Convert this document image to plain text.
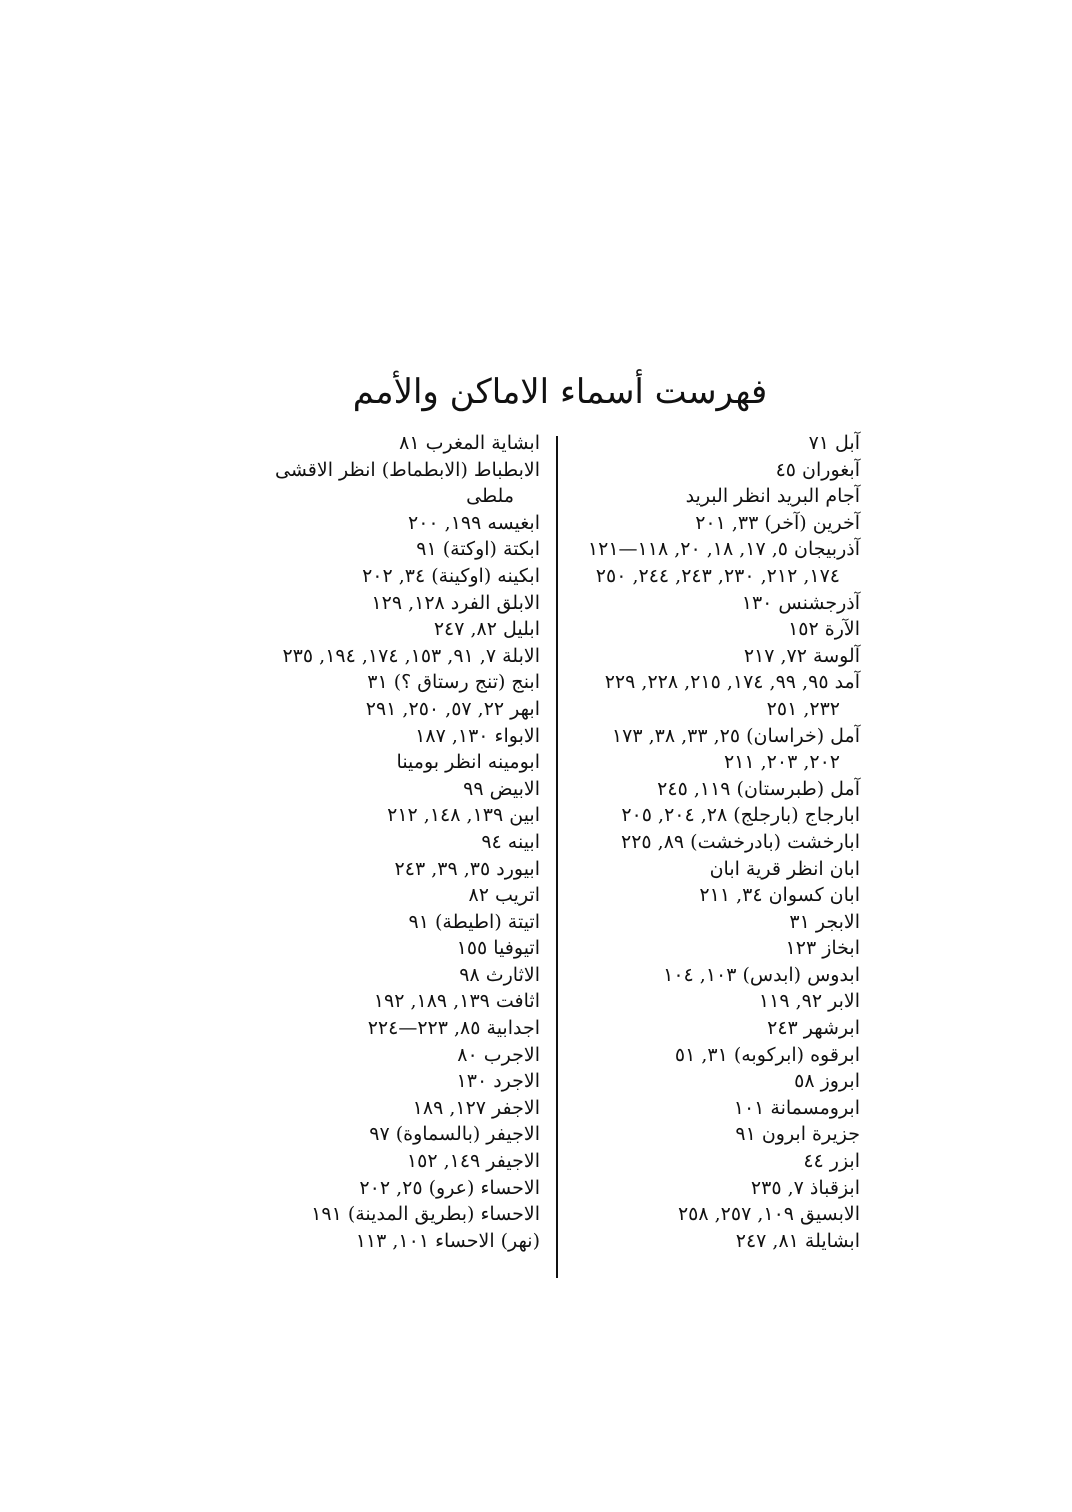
فهرست أسماء الاماكن والأمم
آبل ٧١
آبغوران ٤٥
آجام البريد انظر البريد
آخرين (آخر) ٣٣, ٢٠١
آذربيجان ٥, ١٧, ١٨, ٢٠, ١١٨—١٢١
١٧٤, ٢١٢, ٢٣٠, ٢٤٣, ٢٤٤, ٢٥٠
آذرجشنس ١٣٠
الآرة ١٥٢
آلوسة ٧٢, ٢١٧
آمد ٩٥, ٩٩, ١٧٤, ٢١٥, ٢٢٨, ٢٢٩
٢٣٢, ٢٥١
آمل (خراسان) ٢٥, ٣٣, ٣٨, ١٧٣
٢٠٢, ٢٠٣, ٢١١
آمل (طبرستان) ١١٩, ٢٤٥
ابارجاج (بارجلج) ٢٨, ٢٠٤, ٢٠٥
ابارخشت (بادرخشت) ٨٩, ٢٢٥
ابان انظر قرية ابان
ابان كسوان ٣٤, ٢١١
الابجر ٣١
ابخاز ١٢٣
ابدوس (ابدس) ١٠٣, ١٠٤
الابر ٩٢, ١١٩
ابرشهر ٢٤٣
ابرقوه (ابركوبه) ٣١, ٥١
ابروز ٥٨
ابرومسمانة ١٠١
جزيرة ابرون ٩١
ابزر ٤٤
ابزقباذ ٧, ٢٣٥
الابسيق ١٠٩, ٢٥٧, ٢٥٨
ابشايلة ٨١, ٢٤٧
ابشاية المغرب ٨١
الابطباط (الابطماط) انظر الاقشى
ملطى
ابغيسه ١٩٩, ٢٠٠
ابكتة (اوكتة) ٩١
ابكينه (اوكينة) ٣٤, ٢٠٢
الابلق الفرد ١٢٨, ١٢٩
ابليل ٨٢, ٢٤٧
الابلة ٧, ٩١, ١٥٣, ١٧٤, ١٩٤, ٢٣٥
ابنج (تنج رستاق ؟) ٣١
ابهر ٢٢, ٥٧, ٢٥٠, ٢٩١
الابواء ١٣٠, ١٨٧
ابومينه انظر بومينا
الابيض ٩٩
ابين ١٣٩, ١٤٨, ٢١٢
ابينه ٩٤
ابيورد ٣٥, ٣٩, ٢٤٣
اتريب ٨٢
اتيتة (اطيطة) ٩١
اتيوفيا ١٥٥
الاثارث ٩٨
اثافت ١٣٩, ١٨٩, ١٩٢
اجدابية ٨٥, ٢٢٣—٢٢٤
الاجرب ٨٠
الاجرد ١٣٠
الاجفر ١٢٧, ١٨٩
الاجيفر (بالسماوة) ٩٧
الاجيفر ١٤٩, ١٥٢
الاحساء (عرو) ٢٥, ٢٠٢
الاحساء (بطريق المدينة) ١٩١
(نهر) الاحساء ١٠١, ١١٣
